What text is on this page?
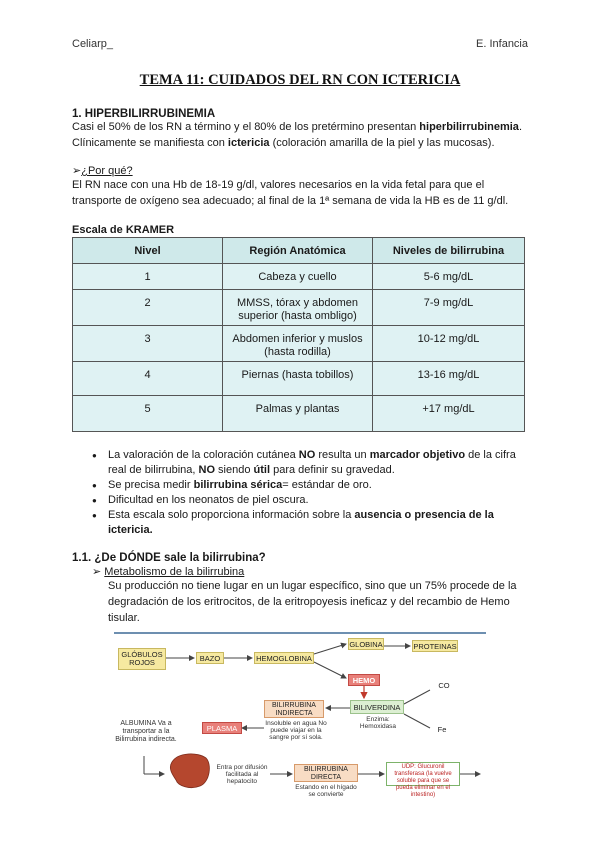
Celiarp_	E. Infancia
TEMA 11: CUIDADOS DEL RN CON ICTERICIA
1. HIPERBILIRRUBINEMIA
Casi el 50% de los RN a término y el 80% de los pretérmino presentan hiperbilirrubinemia.
Clínicamente se manifiesta con ictericia (coloración amarilla de la piel y las mucosas).
➢¿Por qué?
El RN nace con una Hb de 18-19 g/dl, valores necesarios en la vida fetal para que el
transporte de oxígeno sea adecuado; al final de la 1ª semana de vida la HB es de 11 g/dl.
Escala de KRAMER
Nivel	Región Anatómica	Niveles de bilirrubina
1	Cabeza y cuello	5-6 mg/dL
2	MMSS, tórax y abdomen superior (hasta ombligo)	7-9 mg/dL
3	Abdomen inferior y muslos (hasta rodilla)	10-12 mg/dL
4	Piernas (hasta tobillos)	13-16 mg/dL
5	Palmas y plantas	+17 mg/dL
● La valoración de la coloración cutánea NO resulta un marcador objetivo de la cifra real de bilirrubina, NO siendo útil para definir su gravedad.
● Se precisa medir bilirrubina sérica= estándar de oro.
● Dificultad en los neonatos de piel oscura.
● Esta escala solo proporciona información sobre la ausencia o presencia de la ictericia.
1.1. ¿De DÓNDE sale la bilirrubina?
➢ Metabolismo de la bilirrubina
Su producción no tiene lugar en un lugar específico, sino que un 75% procede de la
degradación de los eritrocitos, de la eritropoyesis ineficaz y del recambio de Hemo
tisular.
GLÓBULOS ROJOS	BAZO	HEMOGLOBINA
GLOBINA	PROTEINAS
HEMO
BILIVERDINA
Enzima: Hemoxidasa
CO
Fe
BILIRRUBINA INDIRECTA
Insoluble en agua No puede viajar en la sangre por sí sola.
ALBUMINA Va a transportar a la Bilirrubina indirecta.
PLASMA
Entra por difusión facilitada al hepatocito
BILIRRUBINA DIRECTA
Estando en el hígado se convierte
UDP: Glucuronil transferasa (la vuelve soluble para que se pueda eliminar en el intestino)
